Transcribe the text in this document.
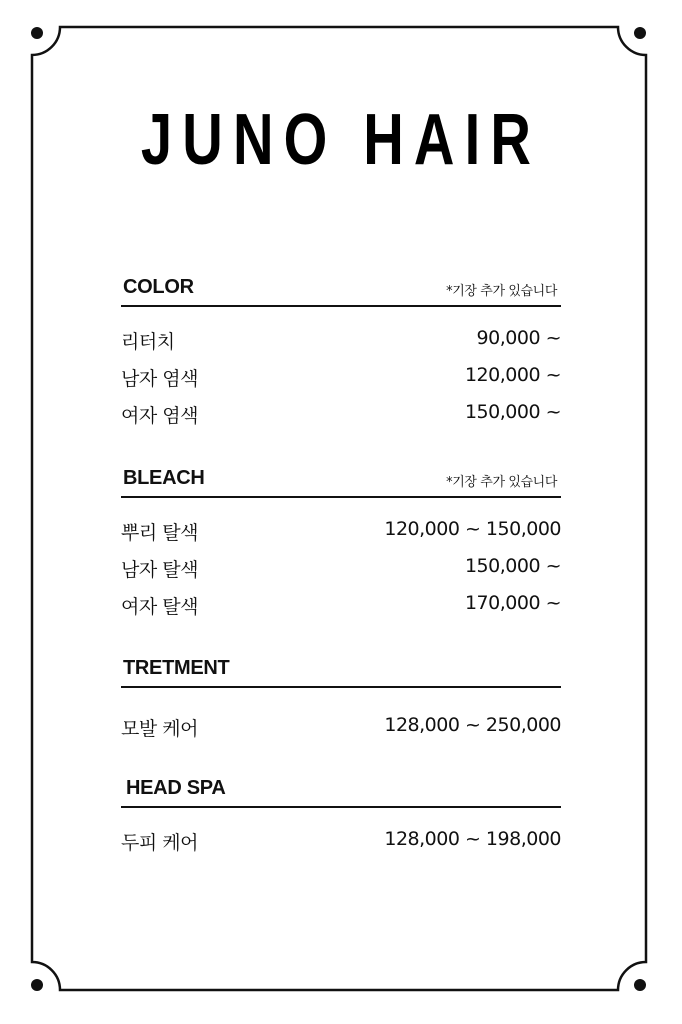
JUNO HAIR
COLOR	*기장 추가 있습니다
리터치	90,000 ~
남자 염색	120,000 ~
여자 염색	150,000 ~
BLEACH	*기장 추가 있습니다
뿌리 탈색	120,000 ~ 150,000
남자 탈색	150,000 ~
여자 탈색	170,000 ~
TRETMENT
모발 케어	128,000 ~ 250,000
HEAD SPA
두피 케어	128,000 ~ 198,000
